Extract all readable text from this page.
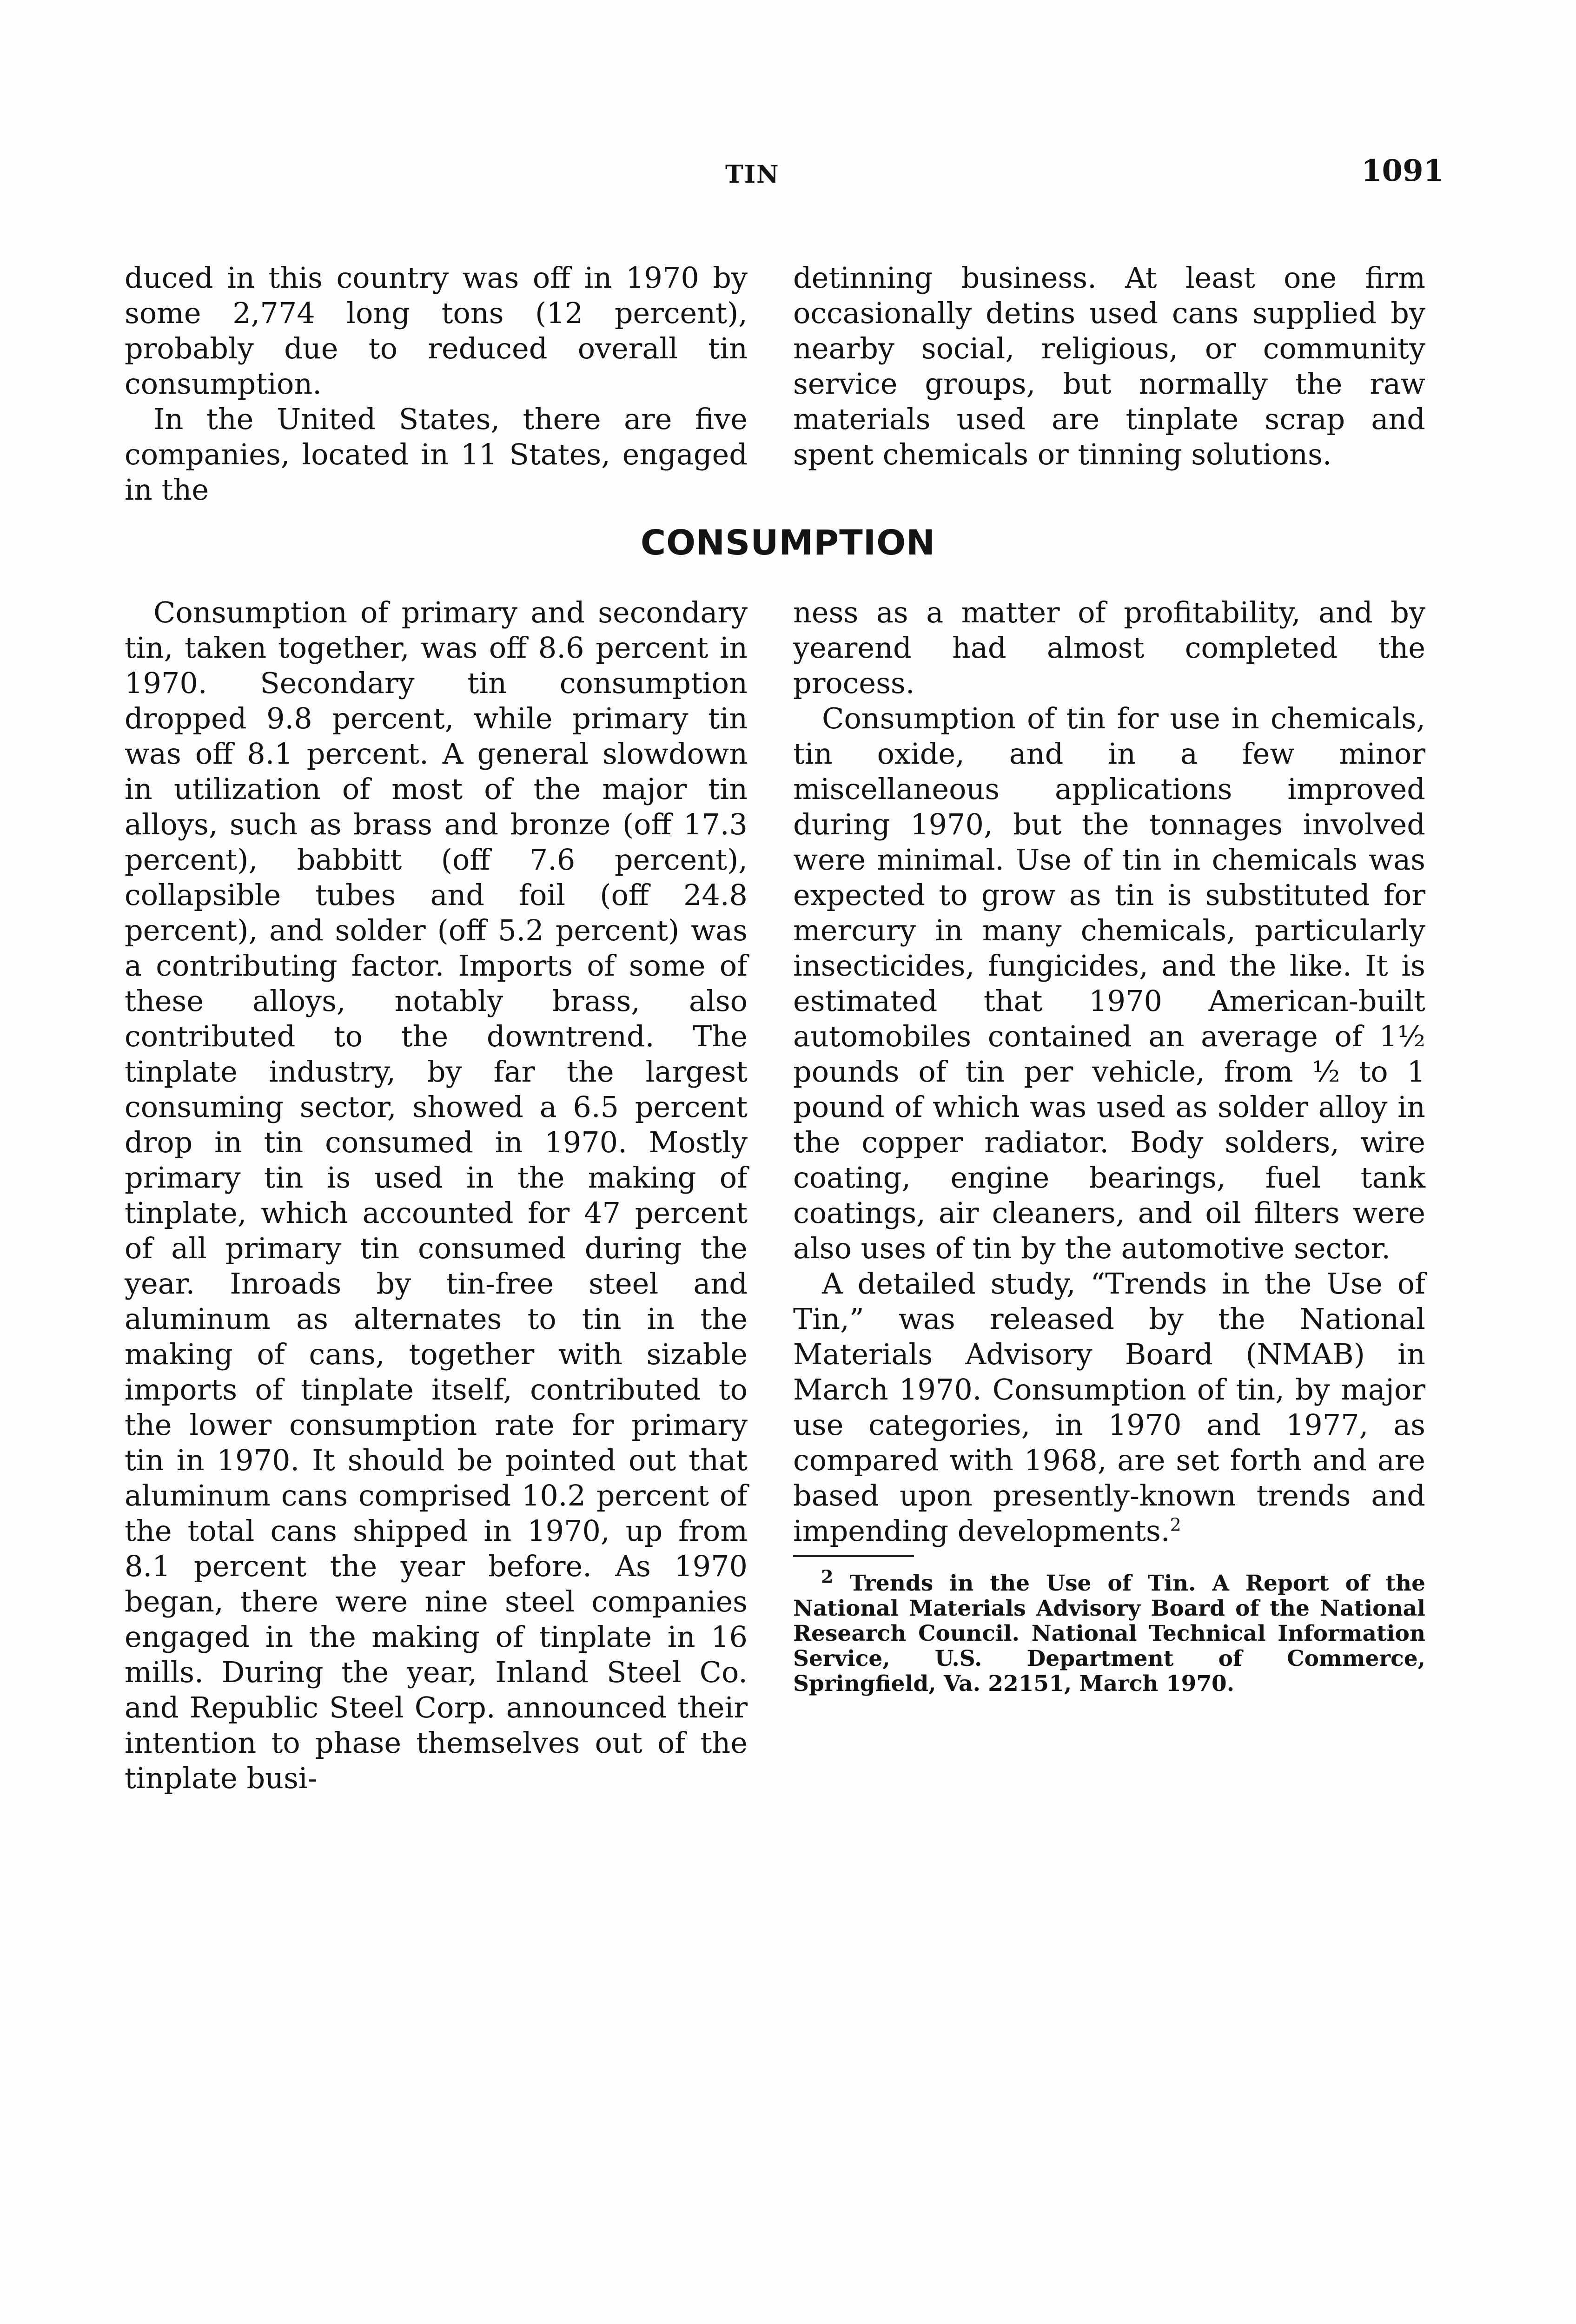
TIN	1091

duced in this country was off in 1970 by some 2,774 long tons (12 percent), probably due to reduced overall tin consumption.

In the United States, there are five companies, located in 11 States, engaged in the

detinning business. At least one firm occasionally detins used cans supplied by nearby social, religious, or community service groups, but normally the raw materials used are tinplate scrap and spent chemicals or tinning solutions.

CONSUMPTION

Consumption of primary and secondary tin, taken together, was off 8.6 percent in 1970. Secondary tin consumption dropped 9.8 percent, while primary tin was off 8.1 percent. A general slowdown in utilization of most of the major tin alloys, such as brass and bronze (off 17.3 percent), babbitt (off 7.6 percent), collapsible tubes and foil (off 24.8 percent), and solder (off 5.2 percent) was a contributing factor. Imports of some of these alloys, notably brass, also contributed to the downtrend. The tinplate industry, by far the largest consuming sector, showed a 6.5 percent drop in tin consumed in 1970. Mostly primary tin is used in the making of tinplate, which accounted for 47 percent of all primary tin consumed during the year. Inroads by tin-free steel and aluminum as alternates to tin in the making of cans, together with sizable imports of tinplate itself, contributed to the lower consumption rate for primary tin in 1970. It should be pointed out that aluminum cans comprised 10.2 percent of the total cans shipped in 1970, up from 8.1 percent the year before. As 1970 began, there were nine steel companies engaged in the making of tinplate in 16 mills. During the year, Inland Steel Co. and Republic Steel Corp. announced their intention to phase themselves out of the tinplate busi-

ness as a matter of profitability, and by yearend had almost completed the process.

Consumption of tin for use in chemicals, tin oxide, and in a few minor miscellaneous applications improved during 1970, but the tonnages involved were minimal. Use of tin in chemicals was expected to grow as tin is substituted for mercury in many chemicals, particularly insecticides, fungicides, and the like. It is estimated that 1970 American-built automobiles contained an average of 1½ pounds of tin per vehicle, from ½ to 1 pound of which was used as solder alloy in the copper radiator. Body solders, wire coating, engine bearings, fuel tank coatings, air cleaners, and oil filters were also uses of tin by the automotive sector.

A detailed study, “Trends in the Use of Tin,” was released by the National Materials Advisory Board (NMAB) in March 1970. Consumption of tin, by major use categories, in 1970 and 1977, as compared with 1968, are set forth and are based upon presently-known trends and impending developments.$^2$

$^2$ Trends in the Use of Tin. A Report of the National Materials Advisory Board of the National Research Council. National Technical Information Service, U.S. Department of Commerce, Springfield, Va. 22151, March 1970.
